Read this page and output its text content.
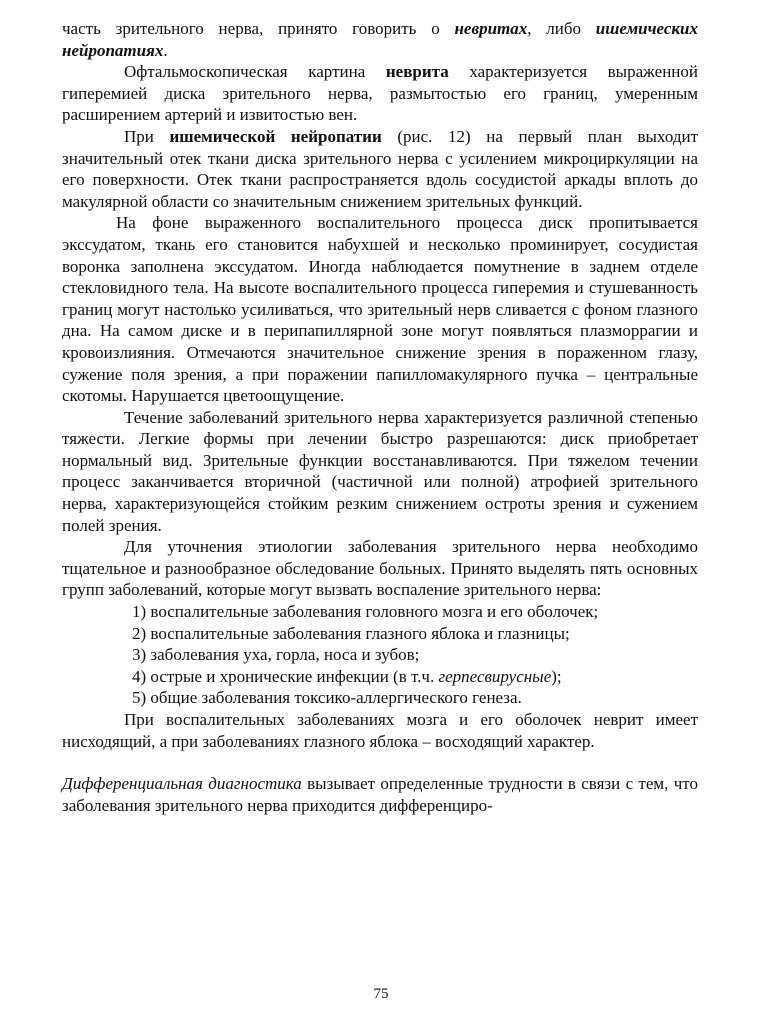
часть зрительного нерва, принято говорить о невритах, либо ишемических нейропатиях.

Офтальмоскопическая картина неврита характеризуется выраженной гиперемией диска зрительного нерва, размытостью его границ, умеренным расширением артерий и извитостью вен.

При ишемической нейропатии (рис. 12) на первый план выходит значительный отек ткани диска зрительного нерва с усилением микроциркуляции на его поверхности. Отек ткани распространяется вдоль сосудистой аркады вплоть до макулярной области со значительным снижением зрительных функций.

На фоне выраженного воспалительного процесса диск пропитывается экссудатом, ткань его становится набухшей и несколько проминирует, сосудистая воронка заполнена экссудатом. Иногда наблюдается помутнение в заднем отделе стекловидного тела. На высоте воспалительного процесса гиперемия и стушеванность границ могут настолько усиливаться, что зрительный нерв сливается с фоном глазного дна. На самом диске и в перипапиллярной зоне могут появляться плазморрагии и кровоизлияния. Отмечаются значительное снижение зрения в пораженном глазу, сужение поля зрения, а при поражении папилломакулярного пучка – центральные скотомы. Нарушается цветоощущение.

Течение заболеваний зрительного нерва характеризуется различной степенью тяжести. Легкие формы при лечении быстро разрешаются: диск приобретает нормальный вид. Зрительные функции восстанавливаются. При тяжелом течении процесс заканчивается вторичной (частичной или полной) атрофией зрительного нерва, характеризующейся стойким резким снижением остроты зрения и сужением полей зрения.

Для уточнения этиологии заболевания зрительного нерва необходимо тщательное и разнообразное обследование больных. Принято выделять пять основных групп заболеваний, которые могут вызвать воспаление зрительного нерва:

1) воспалительные заболевания головного мозга и его оболочек;
2) воспалительные заболевания глазного яблока и глазницы;
3) заболевания уха, горла, носа и зубов;
4) острые и хронические инфекции (в т.ч. герпесвирусные);
5) общие заболевания токсико-аллергического генеза.

При воспалительных заболеваниях мозга и его оболочек неврит имеет нисходящий, а при заболеваниях глазного яблока – восходящий характер.

Дифференциальная диагностика вызывает определенные трудности в связи с тем, что заболевания зрительного нерва приходится дифференциро-

75
